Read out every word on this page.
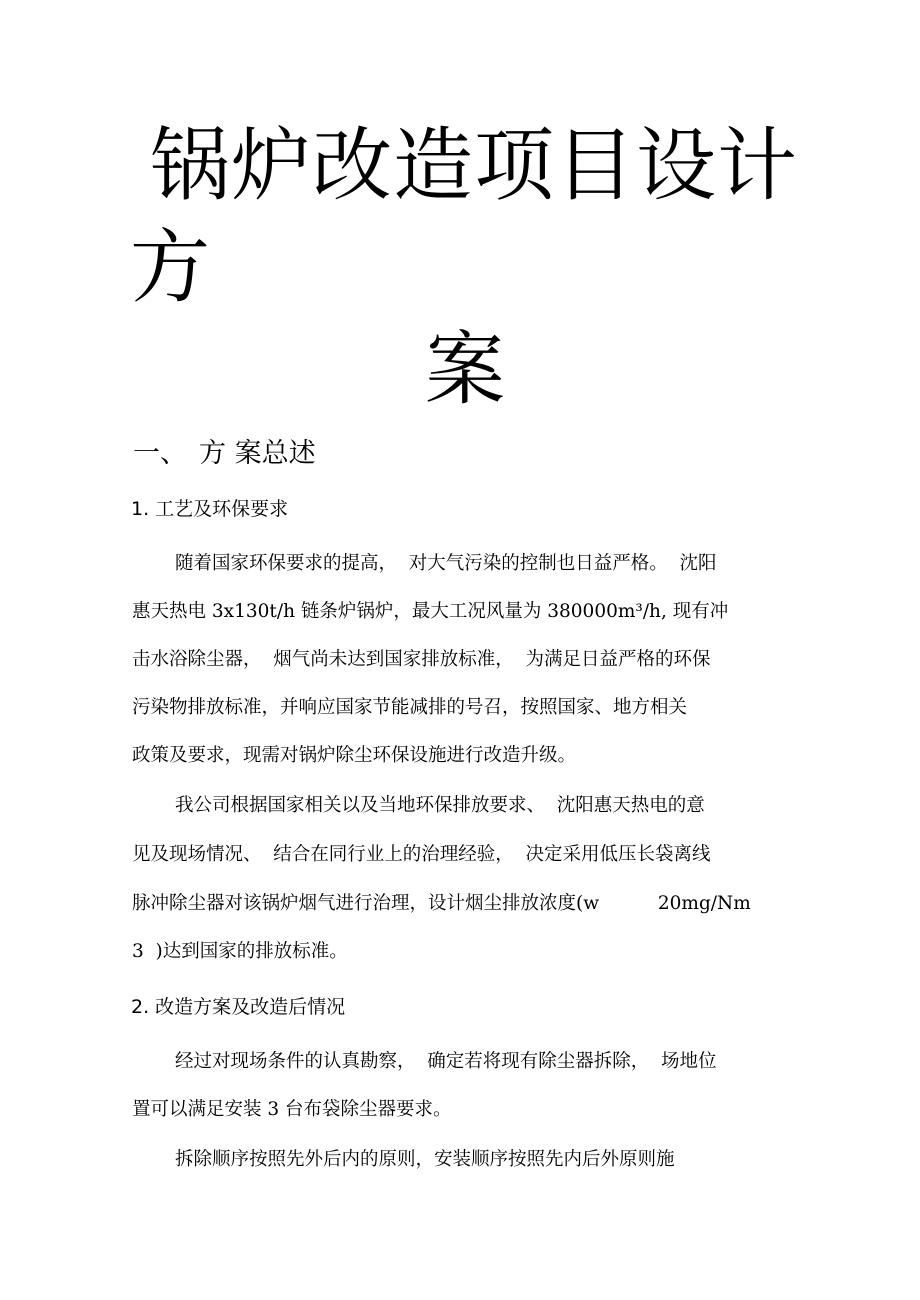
锅炉改造项目设计
方
案
一、 方 案总述
1. 工艺及环保要求
随着国家环保要求的提高，  对大气污染的控制也日益严格。  沈阳
惠天热电 3x130t/h 链条炉锅炉，最大工况风量为 380000m³/h, 现有冲
击水浴除尘器，  烟气尚未达到国家排放标准，  为满足日益严格的环保
污染物排放标准，并响应国家节能减排的号召，按照国家、地方相关
政策及要求，现需对锅炉除尘环保设施进行改造升级。
我公司根据国家相关以及当地环保排放要求、  沈阳惠天热电的意
见及现场情况、  结合在同行业上的治理经验，  决定采用低压长袋离线
脉冲除尘器对该锅炉烟气进行治理，设计烟尘排放浓度(w          20mg/Nm
3  )达到国家的排放标准。
2. 改造方案及改造后情况
经过对现场条件的认真勘察，  确定若将现有除尘器拆除，  场地位
置可以满足安装 3 台布袋除尘器要求。
拆除顺序按照先外后内的原则，安装顺序按照先内后外原则施
